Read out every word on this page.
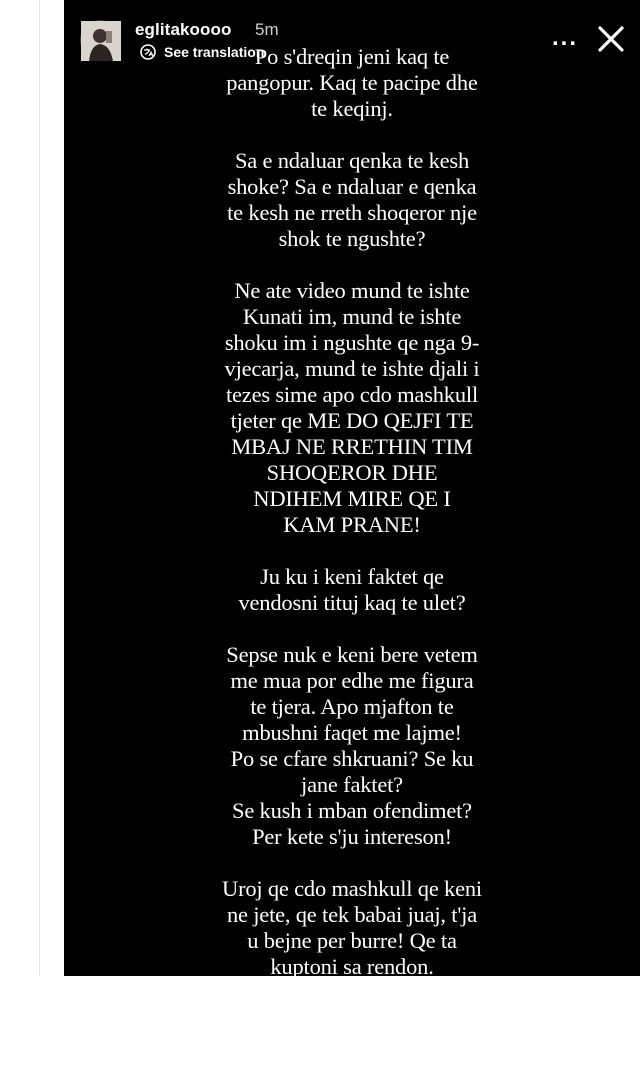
Po s'dreqin jeni kaq te
pangopur. Kaq te pacipe dhe
te keqinj.
Sa e ndaluar qenka te kesh
shoke? Sa e ndaluar e qenka
te kesh ne rreth shoqeror nje
shok te ngushte?
Ne ate video mund te ishte
Kunati im, mund te ishte
shoku im i ngushte qe nga 9-
vjecarja, mund te ishte djali i
tezes sime apo cdo mashkull
tjeter qe ME DO QEJFI TE
MBAJ NE RRETHIN TIM
SHOQEROR DHE
NDIHEM MIRE QE I
KAM PRANE!
Ju ku i keni faktet qe
vendosni tituj kaq te ulet?
Sepse nuk e keni bere vetem
me mua por edhe me figura
te tjera. Apo mjafton te
mbushni faqet me lajme!
Po se cfare shkruani? Se ku
jane faktet?
Se kush i mban ofendimet?
Per kete s'ju intereson!
Uroj qe cdo mashkull qe keni
ne jete, qe tek babai juaj, t'ja
u bejne per burre! Qe ta
kuptoni sa rendon.
Na lini te lire te kemi
shoqeri, o Shqiperi e qelbur
& e prapambetur!
eglitakoooo 5m
See translation
...
